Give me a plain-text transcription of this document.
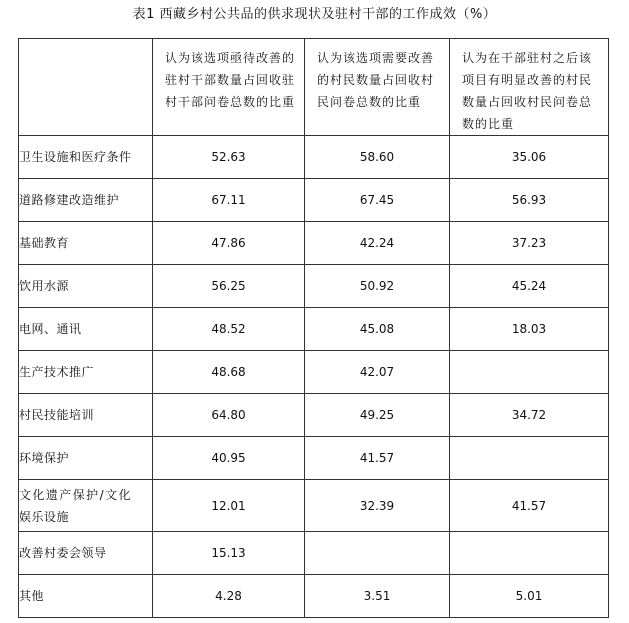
表1 西藏乡村公共品的供求现状及驻村干部的工作成效（%）

	认为该选项亟待改善的驻村干部数量占回收驻村干部问卷总数的比重	认为该选项需要改善的村民数量占回收村民问卷总数的比重	认为在干部驻村之后该项目有明显改善的村民数量占回收村民问卷总数的比重

卫生设施和医疗条件	52.63	58.60	35.06
道路修建改造维护	67.11	67.45	56.93
基础教育	47.86	42.24	37.23
饮用水源	56.25	50.92	45.24
电网、通讯	48.52	45.08	18.03
生产技术推广	48.68	42.07	
村民技能培训	64.80	49.25	34.72
环境保护	40.95	41.57	

文化遗产保护/文化娱乐设施	12.01	32.39	41.57
改善村委会领导	15.13		
其他	4.28	3.51	5.01
